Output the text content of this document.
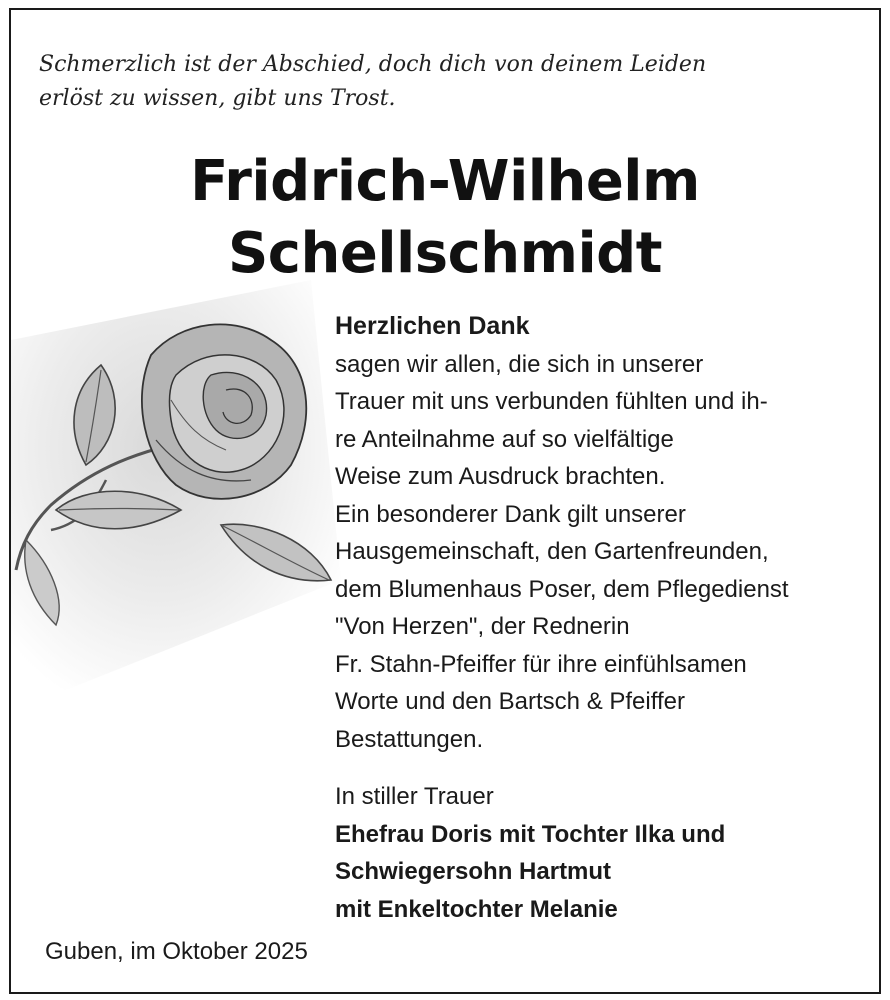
Schmerzlich ist der Abschied, doch dich von deinem Leiden
erlöst zu wissen, gibt uns Trost.
Fridrich-Wilhelm
Schellschmidt
Herzlichen Dank
sagen wir allen, die sich in unserer
Trauer mit uns verbunden fühlten und ih-
re Anteilnahme auf so vielfältige
Weise zum Ausdruck brachten.
Ein besonderer Dank gilt unserer
Hausgemeinschaft, den Gartenfreunden,
dem Blumenhaus Poser, dem Pflegedienst
"Von Herzen", der Rednerin
Fr. Stahn-Pfeiffer für ihre einfühlsamen
Worte und den Bartsch & Pfeiffer
Bestattungen.
In stiller Trauer
Ehefrau Doris mit Tochter Ilka und
Schwiegersohn Hartmut
mit Enkeltochter Melanie
Guben, im Oktober 2025
